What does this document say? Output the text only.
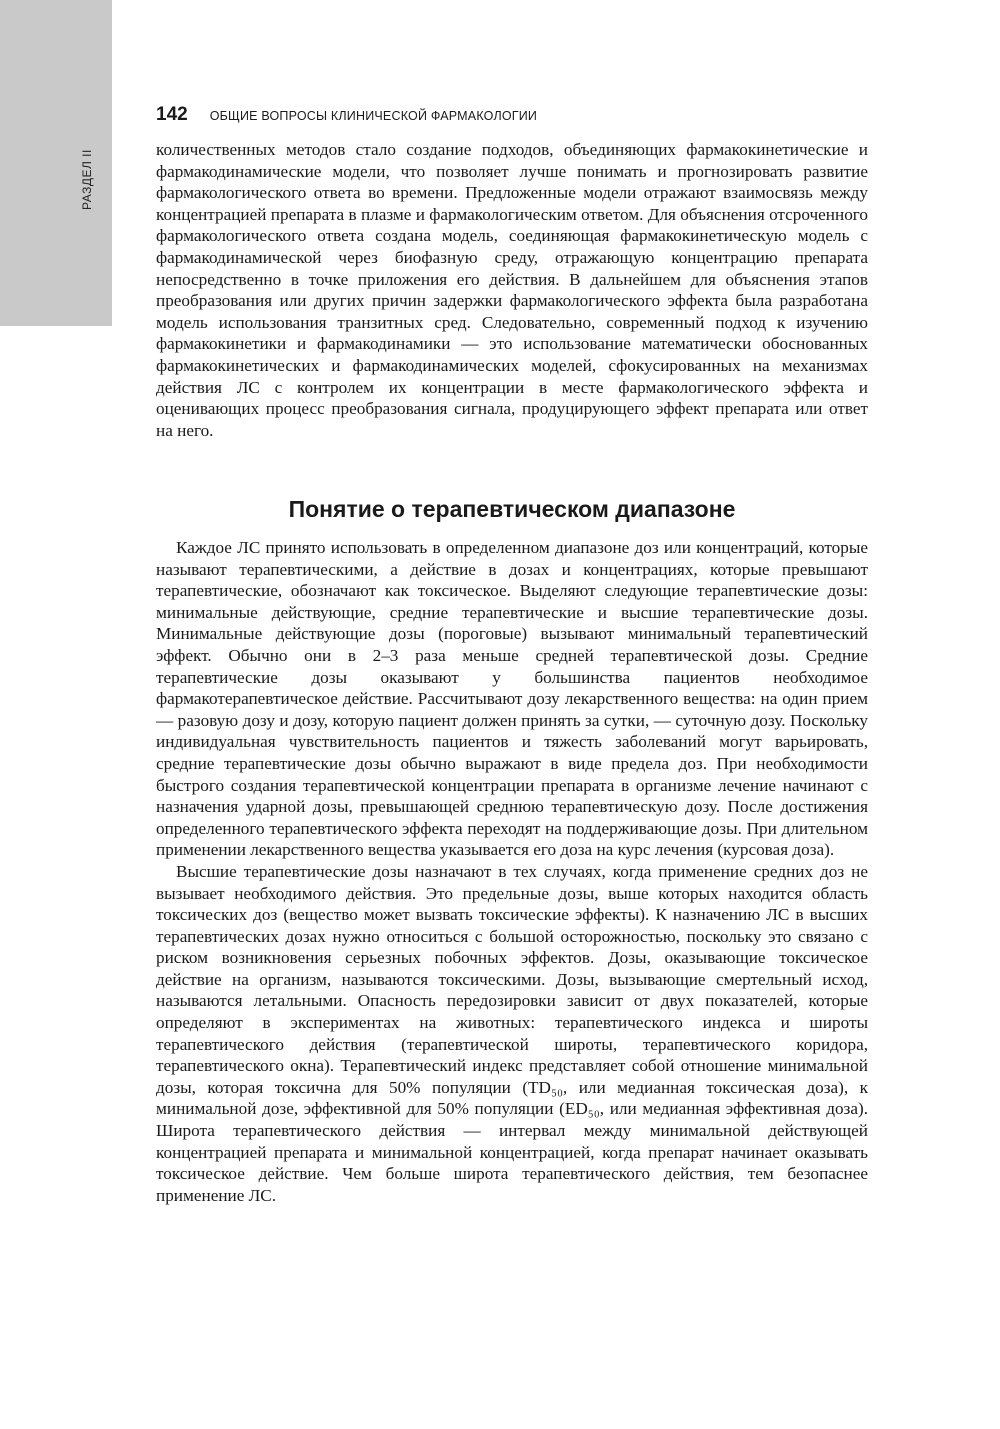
РАЗДЕЛ II
142 ОБЩИЕ ВОПРОСЫ КЛИНИЧЕСКОЙ ФАРМАКОЛОГИИ

количественных методов стало создание подходов, объединяющих фармакокинетические и фармакодинамические модели, что позволяет лучше понимать и прогнозировать развитие фармакологического ответа во времени. Предложенные модели отражают взаимосвязь между концентрацией препарата в плазме и фармакологическим ответом. Для объяснения отсроченного фармакологического ответа создана модель, соединяющая фармакокинетическую модель с фармакодинамической через биофазную среду, отражающую концентрацию препарата непосредственно в точке приложения его действия. В дальнейшем для объяснения этапов преобразования или других причин задержки фармакологического эффекта была разработана модель использования транзитных сред. Следовательно, современный подход к изучению фармакокинетики и фармакодинамики — это использование математически обоснованных фармакокинетических и фармакодинамических моделей, сфокусированных на механизмах действия ЛС с контролем их концентрации в месте фармакологического эффекта и оценивающих процесс преобразования сигнала, продуцирующего эффект препарата или ответ на него.

Понятие о терапевтическом диапазоне

Каждое ЛС принято использовать в определенном диапазоне доз или концентраций, которые называют терапевтическими, а действие в дозах и концентрациях, которые превышают терапевтические, обозначают как токсическое. Выделяют следующие терапевтические дозы: минимальные действующие, средние терапевтические и высшие терапевтические дозы. Минимальные действующие дозы (пороговые) вызывают минимальный терапевтический эффект. Обычно они в 2–3 раза меньше средней терапевтической дозы. Средние терапевтические дозы оказывают у большинства пациентов необходимое фармакотерапевтическое действие. Рассчитывают дозу лекарственного вещества: на один прием — разовую дозу и дозу, которую пациент должен принять за сутки, — суточную дозу. Поскольку индивидуальная чувствительность пациентов и тяжесть заболеваний могут варьировать, средние терапевтические дозы обычно выражают в виде предела доз. При необходимости быстрого создания терапевтической концентрации препарата в организме лечение начинают с назначения ударной дозы, превышающей среднюю терапевтическую дозу. После достижения определенного терапевтического эффекта переходят на поддерживающие дозы. При длительном применении лекарственного вещества указывается его доза на курс лечения (курсовая доза).

Высшие терапевтические дозы назначают в тех случаях, когда применение средних доз не вызывает необходимого действия. Это предельные дозы, выше которых находится область токсических доз (вещество может вызвать токсические эффекты). К назначению ЛС в высших терапевтических дозах нужно относиться с большой осторожностью, поскольку это связано с риском возникновения серьезных побочных эффектов. Дозы, оказывающие токсическое действие на организм, называются токсическими. Дозы, вызывающие смертельный исход, называются летальными. Опасность передозировки зависит от двух показателей, которые определяют в экспериментах на животных: терапевтического индекса и широты терапевтического действия (терапевтической широты, терапевтического коридора, терапевтического окна). Терапевтический индекс представляет собой отношение минимальной дозы, которая токсична для 50% популяции (TD₅₀, или медианная токсическая доза), к минимальной дозе, эффективной для 50% популяции (ED₅₀, или медианная эффективная доза). Широта терапевтического действия — интервал между минимальной действующей концентрацией препарата и минимальной концентрацией, когда препарат начинает оказывать токсическое действие. Чем больше широта терапевтического действия, тем безопаснее применение ЛС.
